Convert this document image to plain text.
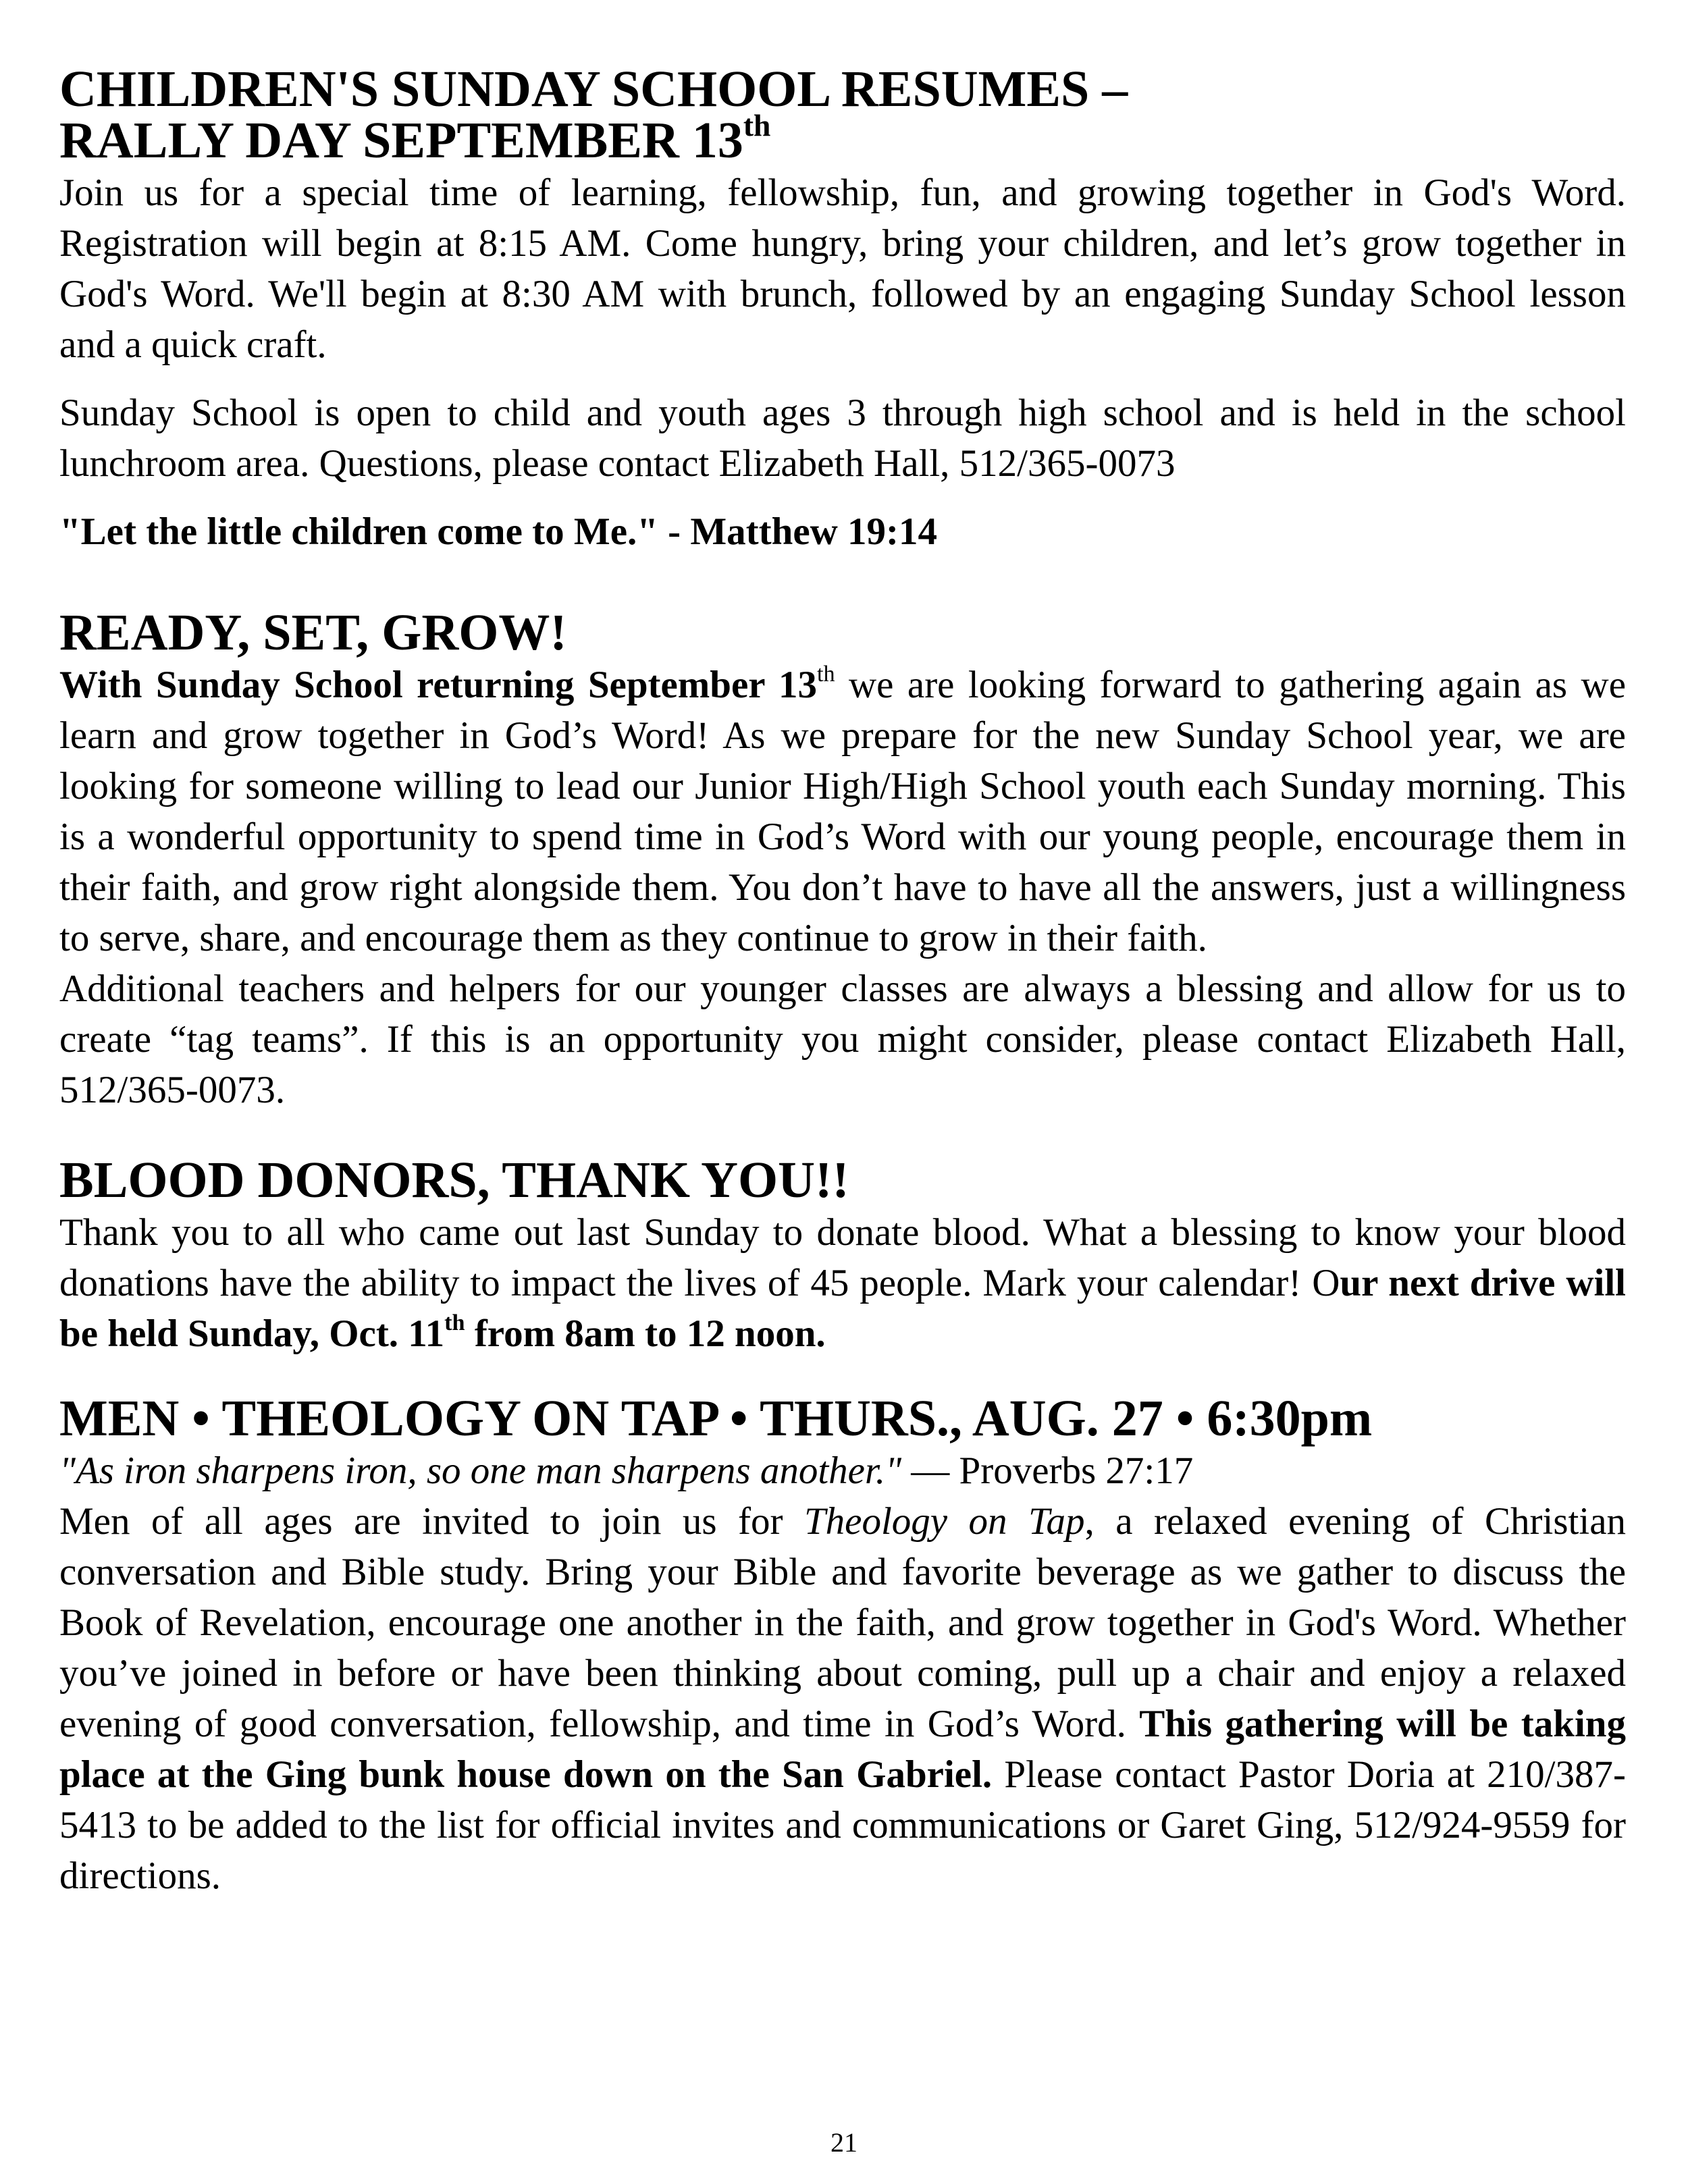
CHILDREN'S SUNDAY SCHOOL RESUMES –
RALLY DAY SEPTEMBER 13th

Join us for a special time of learning, fellowship, fun, and growing together in God's Word. Registration will begin at 8:15 AM. Come hungry, bring your children, and let’s grow together in God's Word. We'll begin at 8:30 AM with brunch, followed by an engaging Sunday School lesson and a quick craft.

Sunday School is open to child and youth ages 3 through high school and is held in the school lunchroom area. Questions, please contact Elizabeth Hall, 512/365-0073

"Let the little children come to Me." - Matthew 19:14

READY, SET, GROW!

With Sunday School returning September 13th we are looking forward to gathering again as we learn and grow together in God’s Word! As we prepare for the new Sunday School year, we are looking for someone willing to lead our Junior High/High School youth each Sunday morning. This is a wonderful opportunity to spend time in God’s Word with our young people, encourage them in their faith, and grow right alongside them. You don’t have to have all the answers, just a willingness to serve, share, and encourage them as they continue to grow in their faith.

Additional teachers and helpers for our younger classes are always a blessing and allow for us to create “tag teams”. If this is an opportunity you might consider, please contact Elizabeth Hall, 512/365-0073.

BLOOD DONORS, THANK YOU!!

Thank you to all who came out last Sunday to donate blood. What a blessing to know your blood donations have the ability to impact the lives of 45 people. Mark your calendar! Our next drive will be held Sunday, Oct. 11th from 8am to 12 noon.

MEN • THEOLOGY ON TAP • THURS., AUG. 27 • 6:30pm

"As iron sharpens iron, so one man sharpens another." — Proverbs 27:17

Men of all ages are invited to join us for Theology on Tap, a relaxed evening of Christian conversation and Bible study. Bring your Bible and favorite beverage as we gather to discuss the Book of Revelation, encourage one another in the faith, and grow together in God's Word. Whether you’ve joined in before or have been thinking about coming, pull up a chair and enjoy a relaxed evening of good conversation, fellowship, and time in God’s Word. This gathering will be taking place at the Ging bunk house down on the San Gabriel. Please contact Pastor Doria at 210/387-5413 to be added to the list for official invites and communications or Garet Ging, 512/924-9559 for directions.

21
